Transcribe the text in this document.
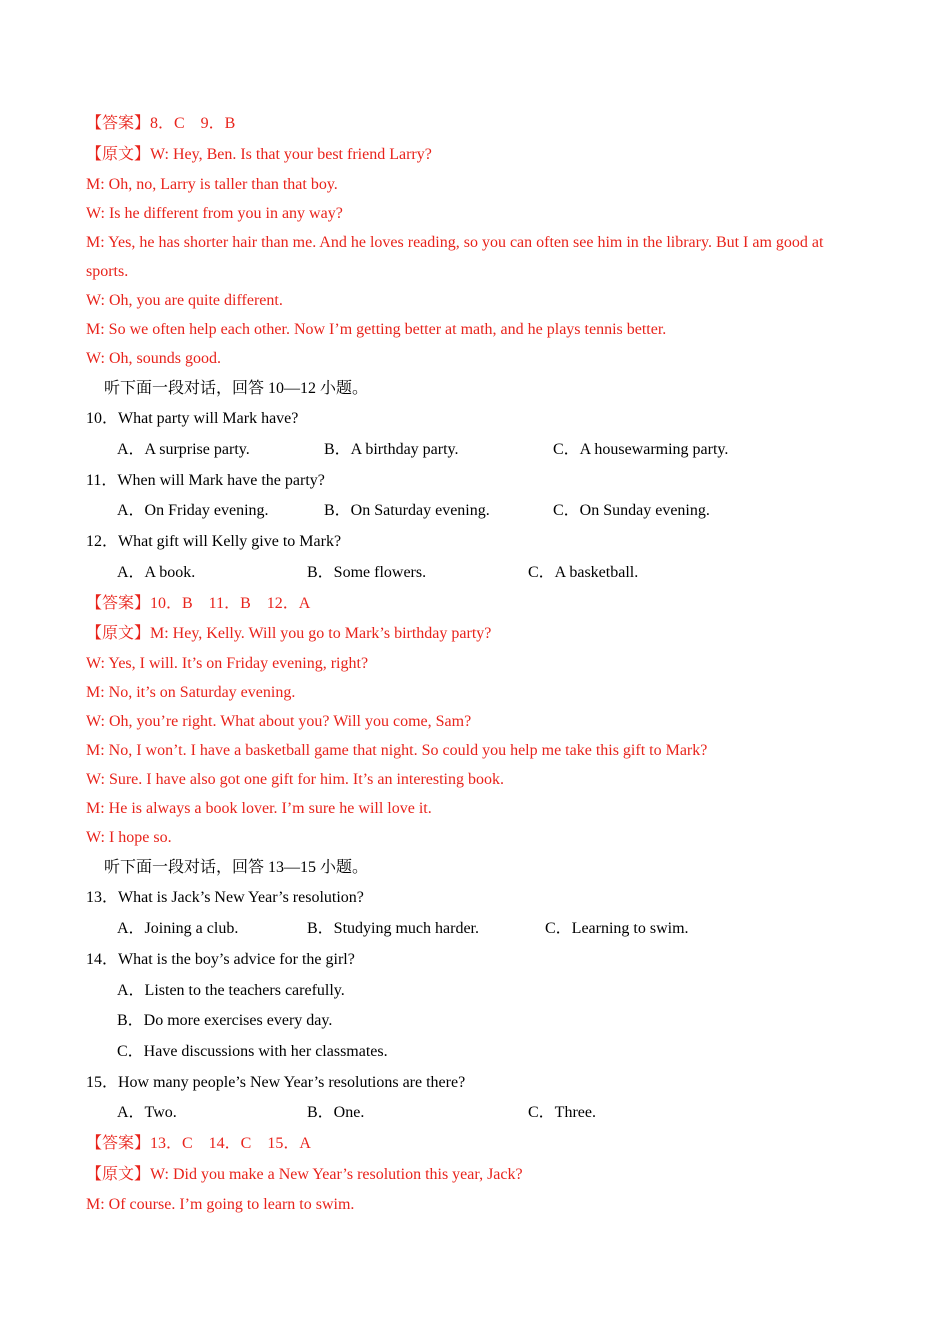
【答案】8．C　9．B
【原文】W: Hey, Ben. Is that your best friend Larry?
M: Oh, no, Larry is taller than that boy.
W: Is he different from you in any way?
M: Yes, he has shorter hair than me. And he loves reading, so you can often see him in the library. But I am good at
sports.
W: Oh, you are quite different.
M: So we often help each other. Now I’m getting better at math, and he plays tennis better.
W: Oh, sounds good.
听下面一段对话，回答 10—12 小题。
10．What party will Mark have?
A．A surprise party.	B．A birthday party.	C．A housewarming party.
11．When will Mark have the party?
A．On Friday evening.	B．On Saturday evening.	C．On Sunday evening.
12．What gift will Kelly give to Mark?
A．A book.	B．Some flowers.	C．A basketball.
【答案】10．B　11．B　12．A
【原文】M: Hey, Kelly. Will you go to Mark’s birthday party?
W: Yes, I will. It’s on Friday evening, right?
M: No, it’s on Saturday evening.
W: Oh, you’re right. What about you? Will you come, Sam?
M: No, I won’t. I have a basketball game that night. So could you help me take this gift to Mark?
W: Sure. I have also got one gift for him. It’s an interesting book.
M: He is always a book lover. I’m sure he will love it.
W: I hope so.
听下面一段对话，回答 13—15 小题。
13．What is Jack’s New Year’s resolution?
A．Joining a club.	B．Studying much harder.	C．Learning to swim.
14．What is the boy’s advice for the girl?
A．Listen to the teachers carefully.
B．Do more exercises every day.
C．Have discussions with her classmates.
15．How many people’s New Year’s resolutions are there?
A．Two.	B．One.	C．Three.
【答案】13．C　14．C　15．A
【原文】W: Did you make a New Year’s resolution this year, Jack?
M: Of course. I’m going to learn to swim.
